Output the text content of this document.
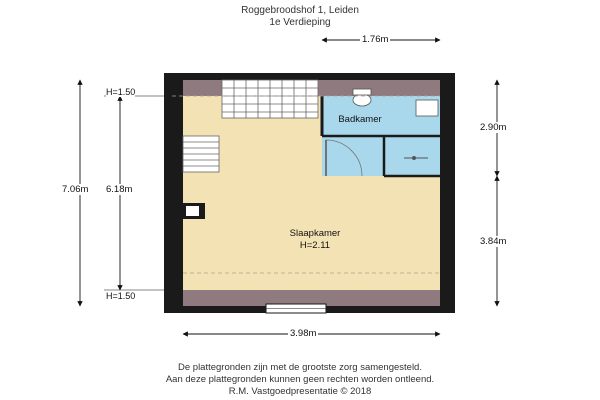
Roggebroodshof 1, Leiden
1e Verdieping
1.76m
3.98m
7.06m 6.18m
2.90m
3.84m
H=1.50
H=1.50
Slaapkamer
H=2.11
Badkamer
De plattegronden zijn met de grootste zorg samengesteld.
Aan deze plattegronden kunnen geen rechten worden ontleend.
R.M. Vastgoedpresentatie © 2018
